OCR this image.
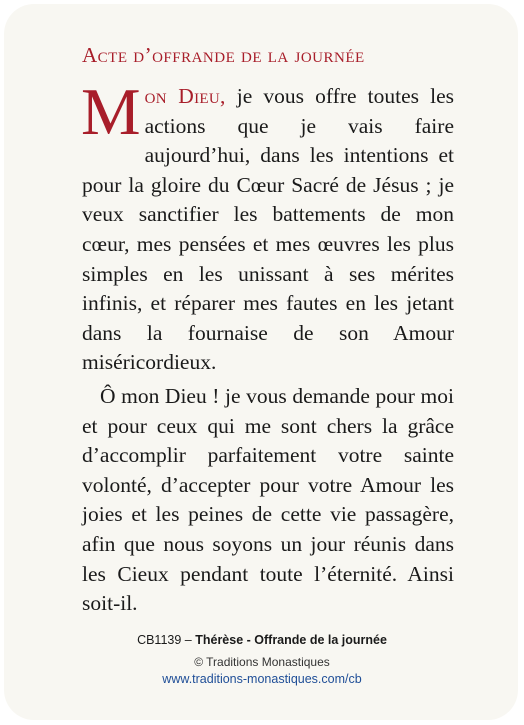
Acte d’offrande de la journée
Mon Dieu, je vous offre toutes les actions que je vais faire aujourd’hui, dans les intentions et pour la gloire du Cœur Sacré de Jésus ; je veux sanctifier les battements de mon cœur, mes pensées et mes œuvres les plus simples en les unissant à ses mérites infinis, et réparer mes fautes en les jetant dans la fournaise de son Amour miséricordieux.
Ô mon Dieu ! je vous demande pour moi et pour ceux qui me sont chers la grâce d’accomplir parfaitement votre sainte volonté, d’accepter pour votre Amour les joies et les peines de cette vie passagère, afin que nous soyons un jour réunis dans les Cieux pendant toute l’éternité. Ainsi soit-il.
CB1139 – Thérèse - Offrande de la journée
© Traditions Monastiques
www.traditions-monastiques.com/cb
